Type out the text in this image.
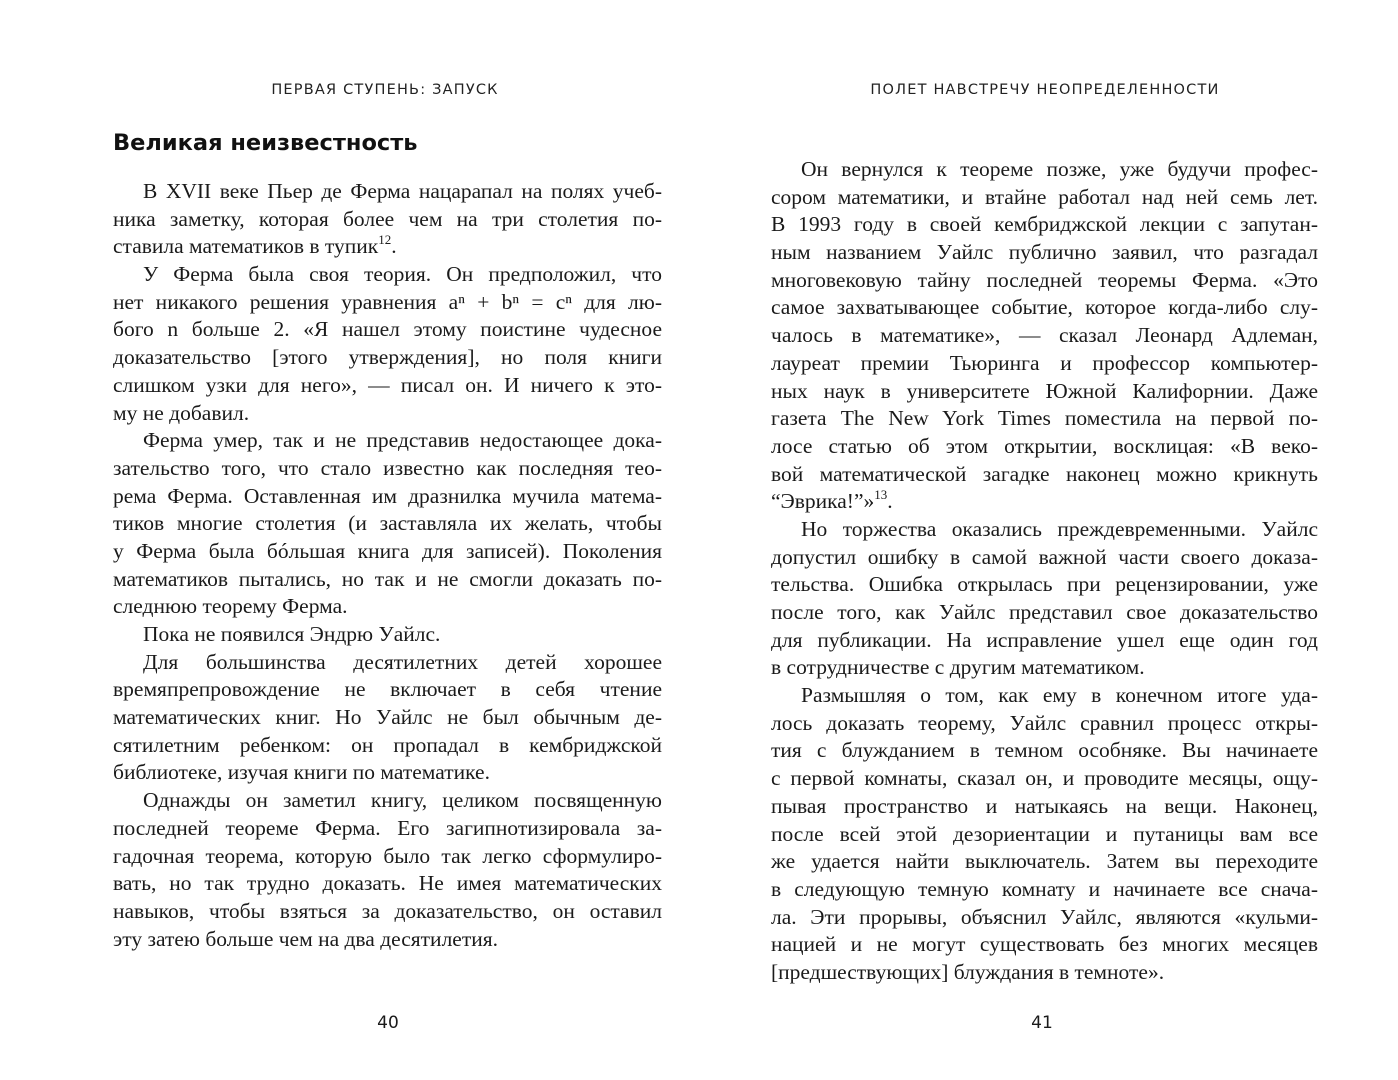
ПЕРВАЯ СТУПЕНЬ: ЗАПУСК
Великая неизвестность
В XVII веке Пьер де Ферма нацарапал на полях учеб-
ника заметку, которая более чем на три столетия по-
ставила математиков в тупик$^{12}$.
У Ферма была своя теория. Он предположил, что
нет никакого решения уравнения aⁿ + bⁿ = cⁿ для лю-
бого n больше 2. «Я нашел этому поистине чудесное
доказательство [этого утверждения], но поля книги
слишком узки для него», — писал он. И ничего к это-
му не добавил.
Ферма умер, так и не представив недостающее дока-
зательство того, что стало известно как последняя тео-
рема Ферма. Оставленная им дразнилка мучила матема-
тиков многие столетия (и заставляла их желать, чтобы
у Ферма была бóльшая книга для записей). Поколения
математиков пытались, но так и не смогли доказать по-
следнюю теорему Ферма.
Пока не появился Эндрю Уайлс.
Для большинства десятилетних детей хорошее
времяпрепровождение не включает в себя чтение
математических книг. Но Уайлс не был обычным де-
сятилетним ребенком: он пропадал в кембриджской
библиотеке, изучая книги по математике.
Однажды он заметил книгу, целиком посвященную
последней теореме Ферма. Его загипнотизировала за-
гадочная теорема, которую было так легко сформулиро-
вать, но так трудно доказать. Не имея математических
навыков, чтобы взяться за доказательство, он оставил
эту затею больше чем на два десятилетия.
40
ПОЛЕТ НАВСТРЕЧУ НЕОПРЕДЕЛЕННОСТИ
Он вернулся к теореме позже, уже будучи профес-
сором математики, и втайне работал над ней семь лет.
В 1993 году в своей кембриджской лекции с запутан-
ным названием Уайлс публично заявил, что разгадал
многовековую тайну последней теоремы Ферма. «Это
самое захватывающее событие, которое когда-либо слу-
чалось в математике», — сказал Леонард Адлеман,
лауреат премии Тьюринга и профессор компьютер-
ных наук в университете Южной Калифорнии. Даже
газета The New York Times поместила на первой по-
лосе статью об этом открытии, восклицая: «В веко-
вой математической загадке наконец можно крикнуть
“Эврика!”»$^{13}$.
Но торжества оказались преждевременными. Уайлс
допустил ошибку в самой важной части своего доказа-
тельства. Ошибка открылась при рецензировании, уже
после того, как Уайлс представил свое доказательство
для публикации. На исправление ушел еще один год
в сотрудничестве с другим математиком.
Размышляя о том, как ему в конечном итоге уда-
лось доказать теорему, Уайлс сравнил процесс откры-
тия с блужданием в темном особняке. Вы начинаете
с первой комнаты, сказал он, и проводите месяцы, ощу-
пывая пространство и натыкаясь на вещи. Наконец,
после всей этой дезориентации и путаницы вам все
же удается найти выключатель. Затем вы переходите
в следующую темную комнату и начинаете все снача-
ла. Эти прорывы, объяснил Уайлс, являются «кульми-
нацией и не могут существовать без многих месяцев
[предшествующих] блуждания в темноте».
41
